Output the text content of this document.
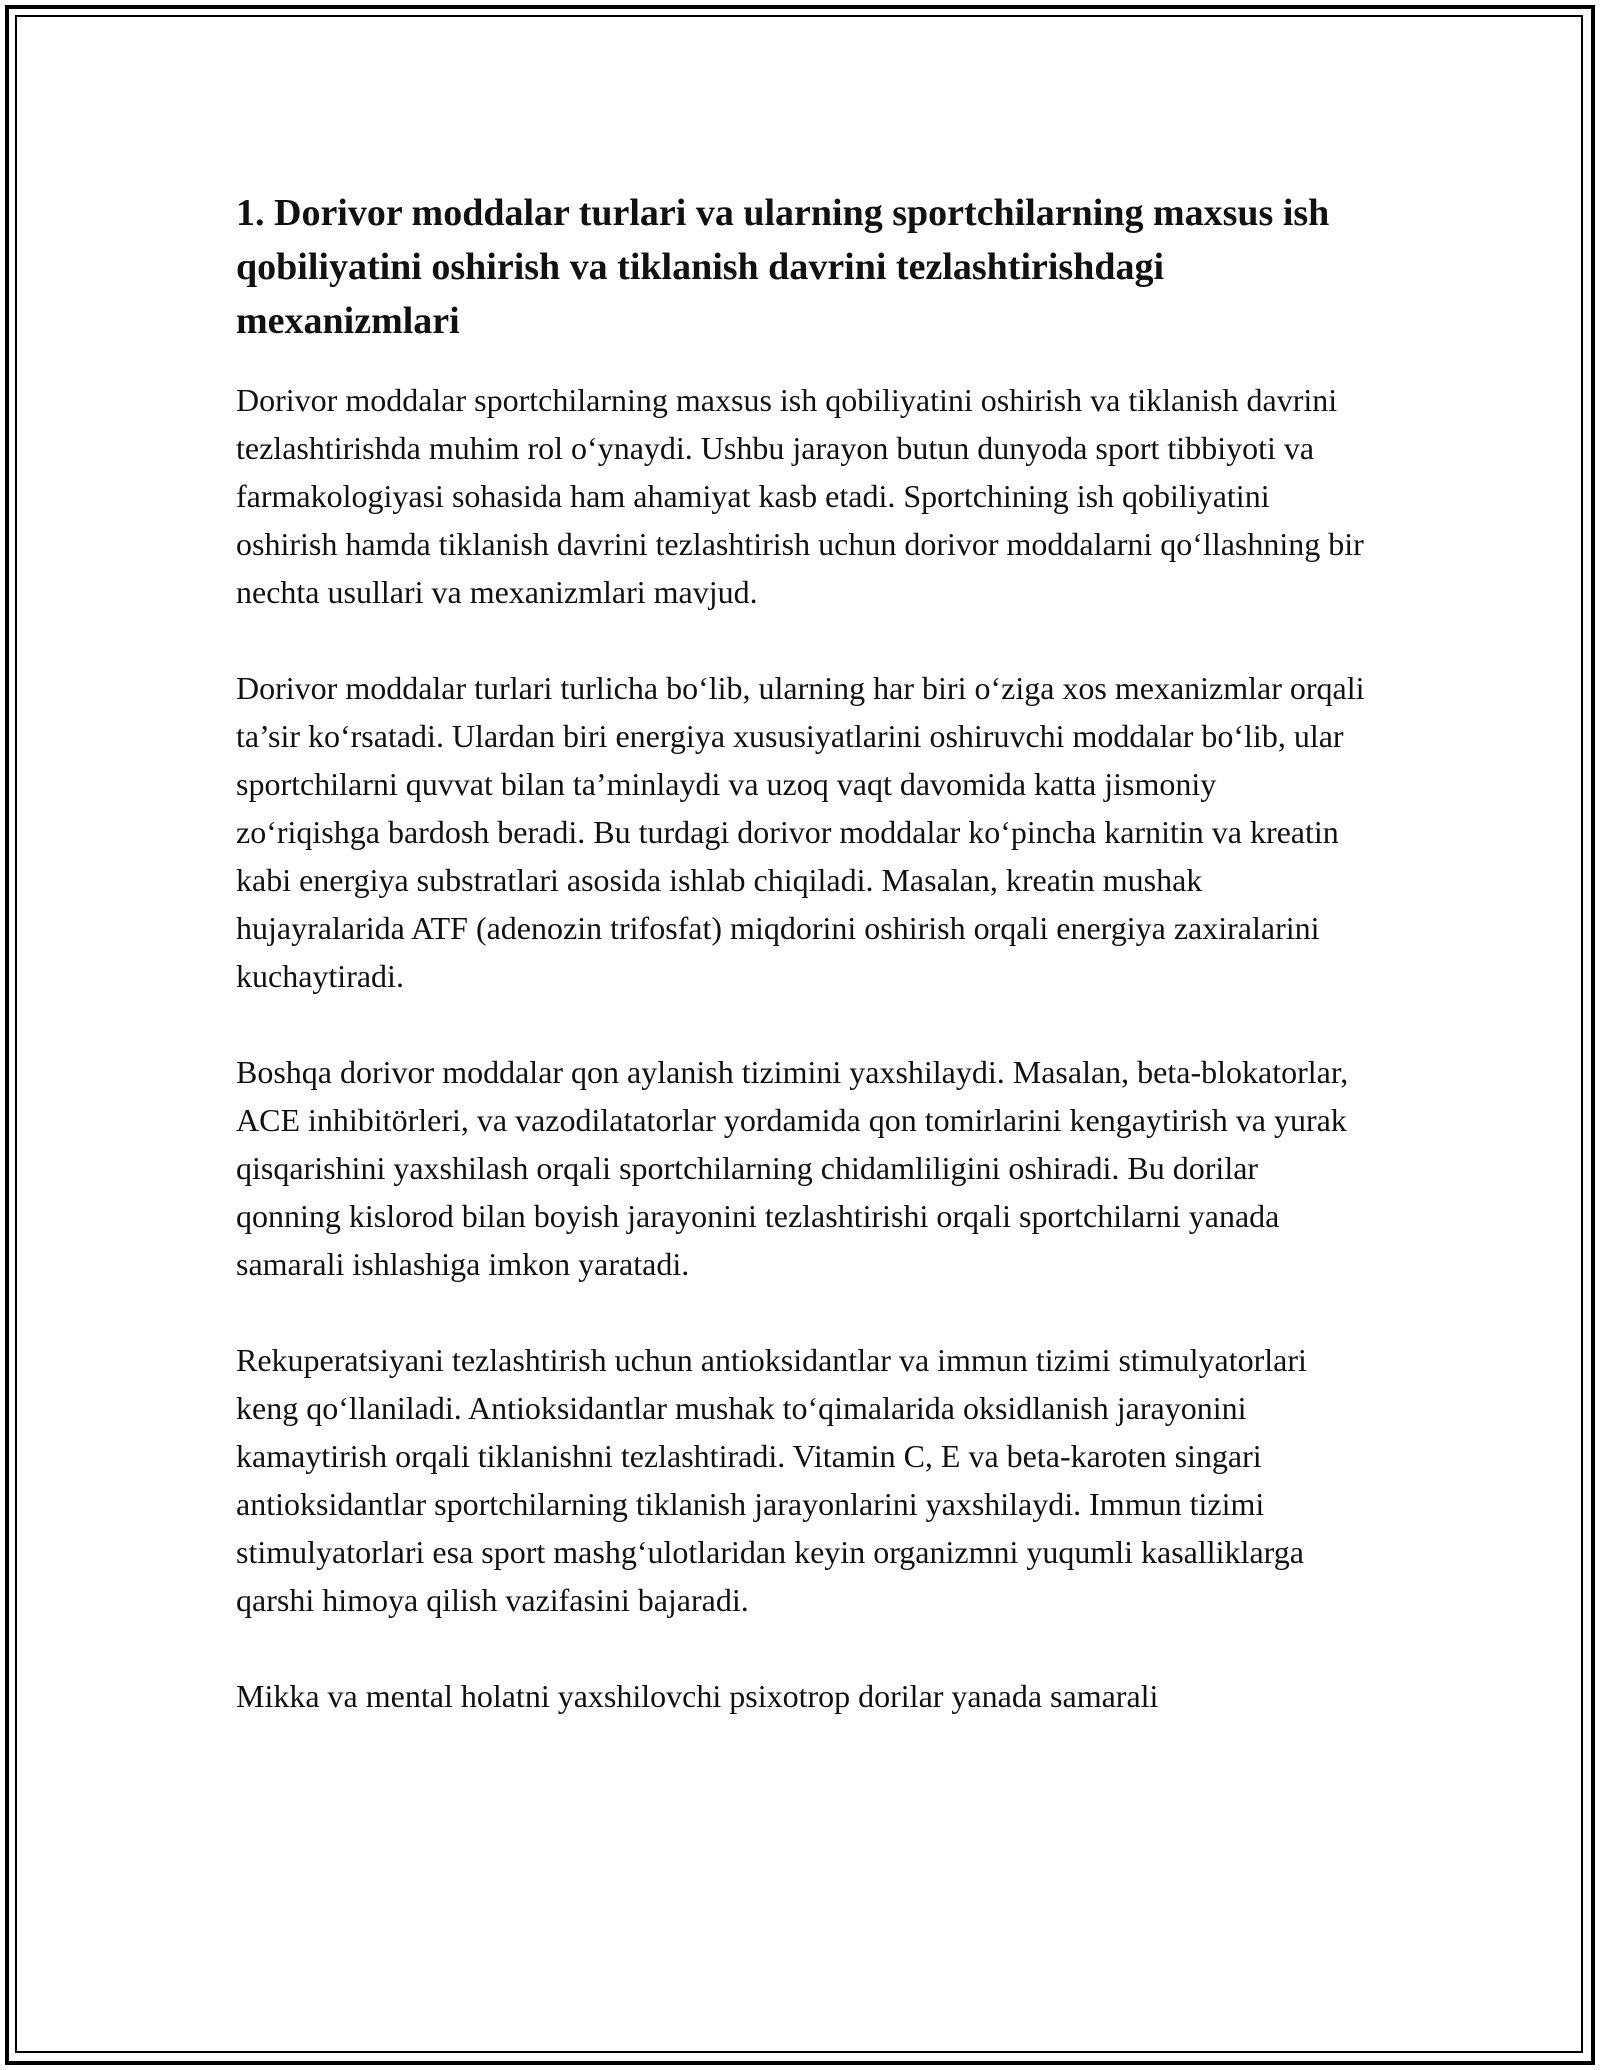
1. Dorivor moddalar turlari va ularning sportchilarning maxsus ish qobiliyatini oshirish va tiklanish davrini tezlashtirishdagi mexanizmlari

Dorivor moddalar sportchilarning maxsus ish qobiliyatini oshirish va tiklanish davrini tezlashtirishda muhim rol o‘ynaydi. Ushbu jarayon butun dunyoda sport tibbiyoti va farmakologiyasi sohasida ham ahamiyat kasb etadi. Sportchining ish qobiliyatini oshirish hamda tiklanish davrini tezlashtirish uchun dorivor moddalarni qo‘llashning bir nechta usullari va mexanizmlari mavjud.

Dorivor moddalar turlari turlicha bo‘lib, ularning har biri o‘ziga xos mexanizmlar orqali ta’sir ko‘rsatadi. Ulardan biri energiya xususiyatlarini oshiruvchi moddalar bo‘lib, ular sportchilarni quvvat bilan ta’minlaydi va uzoq vaqt davomida katta jismoniy zo‘riqishga bardosh beradi. Bu turdagi dorivor moddalar ko‘pincha karnitin va kreatin kabi energiya substratlari asosida ishlab chiqiladi. Masalan, kreatin mushak hujayralarida ATF (adenozin trifosfat) miqdorini oshirish orqali energiya zaxiralarini kuchaytiradi.

Boshqa dorivor moddalar qon aylanish tizimini yaxshilaydi. Masalan, beta-blokatorlar, ACE inhibitörleri, va vazodilatatorlar yordamida qon tomirlarini kengaytirish va yurak qisqarishini yaxshilash orqali sportchilarning chidamliligini oshiradi. Bu dorilar qonning kislorod bilan boyish jarayonini tezlashtirishi orqali sportchilarni yanada samarali ishlashiga imkon yaratadi.

Rekuperatsiyani tezlashtirish uchun antioksidantlar va immun tizimi stimulyatorlari keng qo‘llaniladi. Antioksidantlar mushak to‘qimalarida oksidlanish jarayonini kamaytirish orqali tiklanishni tezlashtiradi. Vitamin C, E va beta-karoten singari antioksidantlar sportchilarning tiklanish jarayonlarini yaxshilaydi. Immun tizimi stimulyatorlari esa sport mashg‘ulotlaridan keyin organizmni yuqumli kasalliklarga qarshi himoya qilish vazifasini bajaradi.

Mikka va mental holatni yaxshilovchi psixotrop dorilar yanada samarali
